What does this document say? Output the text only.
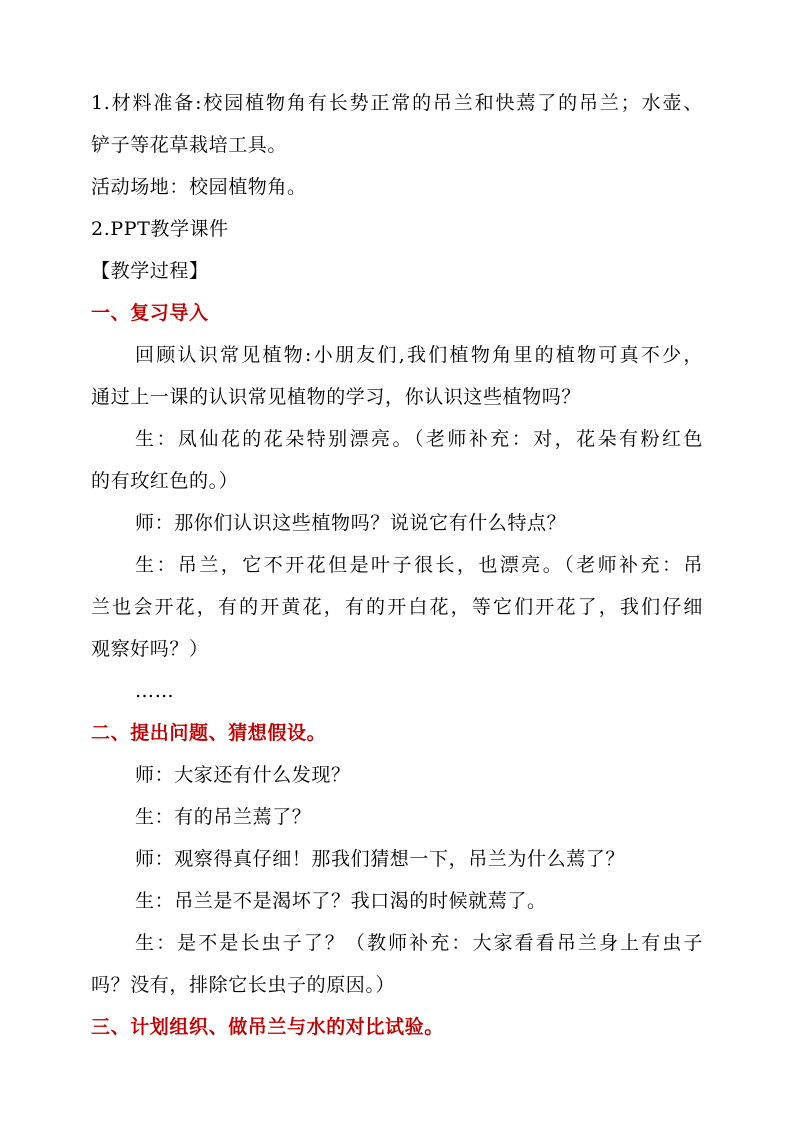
1.材料准备:校园植物角有长势正常的吊兰和快蔫了的吊兰；水壶、
铲子等花草栽培工具。
活动场地：校园植物角。
2.PPT教学课件
【教学过程】
一、复习导入
回顾认识常见植物:小朋友们,我们植物角里的植物可真不少，
通过上一课的认识常见植物的学习，你认识这些植物吗？
生：凤仙花的花朵特别漂亮。（老师补充：对，花朵有粉红色
的有玫红色的。）
师：那你们认识这些植物吗？说说它有什么特点？
生：吊兰，它不开花但是叶子很长，也漂亮。（老师补充：吊
兰也会开花，有的开黄花，有的开白花，等它们开花了，我们仔细
观察好吗？）
……
二、提出问题、猜想假设。
师：大家还有什么发现？
生：有的吊兰蔫了？
师：观察得真仔细！那我们猜想一下，吊兰为什么蔫了？
生：吊兰是不是渴坏了？我口渴的时候就蔫了。
生：是不是长虫子了？（教师补充：大家看看吊兰身上有虫子
吗？没有，排除它长虫子的原因。）
三、计划组织、做吊兰与水的对比试验。
